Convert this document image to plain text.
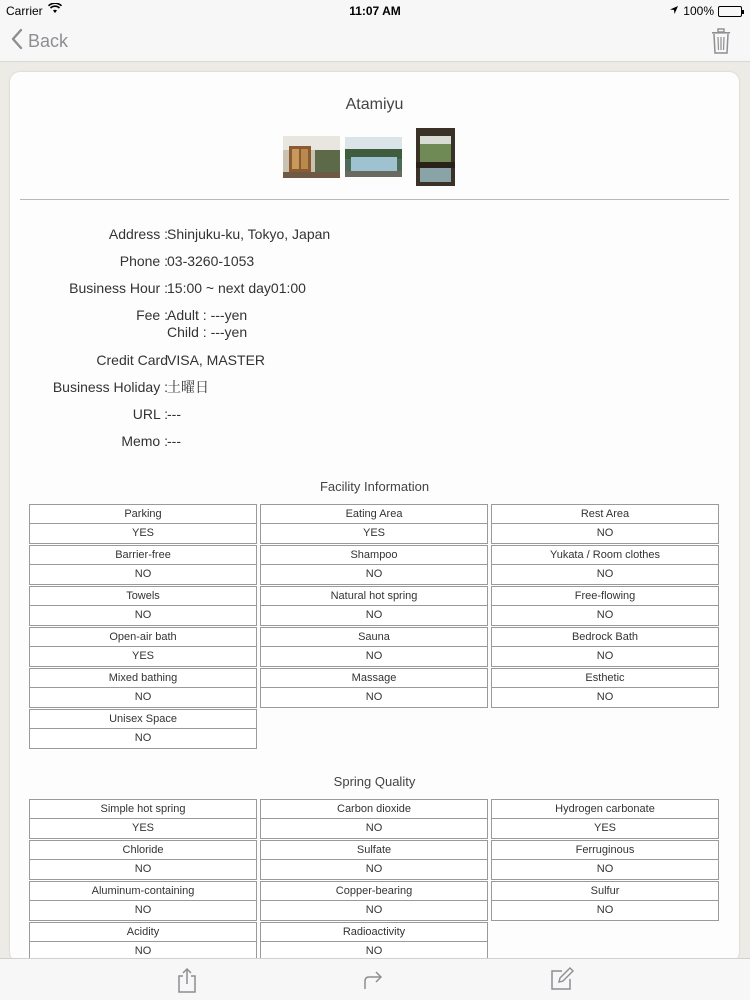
Carrier	11:07 AM	100%
Back
Atamiyu
Address : Shinjuku-ku, Tokyo, Japan
Phone : 03-3260-1053
Business Hour : 15:00 ~ next day01:00
Fee : Adult : ---yen
Child : ---yen
Credit Card VISA, MASTER
Business Holiday : 土曜日
URL : ---
Memo : ---
Facility Information
Parking
YES
Eating Area
YES
Rest Area
NO
Barrier-free
NO
Shampoo
NO
Yukata / Room clothes
NO
Towels
NO
Natural hot spring
NO
Free-flowing
NO
Open-air bath
YES
Sauna
NO
Bedrock Bath
NO
Mixed bathing
NO
Massage
NO
Esthetic
NO
Unisex Space
NO
Spring Quality
Simple hot spring
YES
Carbon dioxide
NO
Hydrogen carbonate
YES
Chloride
NO
Sulfate
NO
Ferruginous
NO
Aluminum-containing
NO
Copper-bearing
NO
Sulfur
NO
Acidity
NO
Radioactivity
NO
